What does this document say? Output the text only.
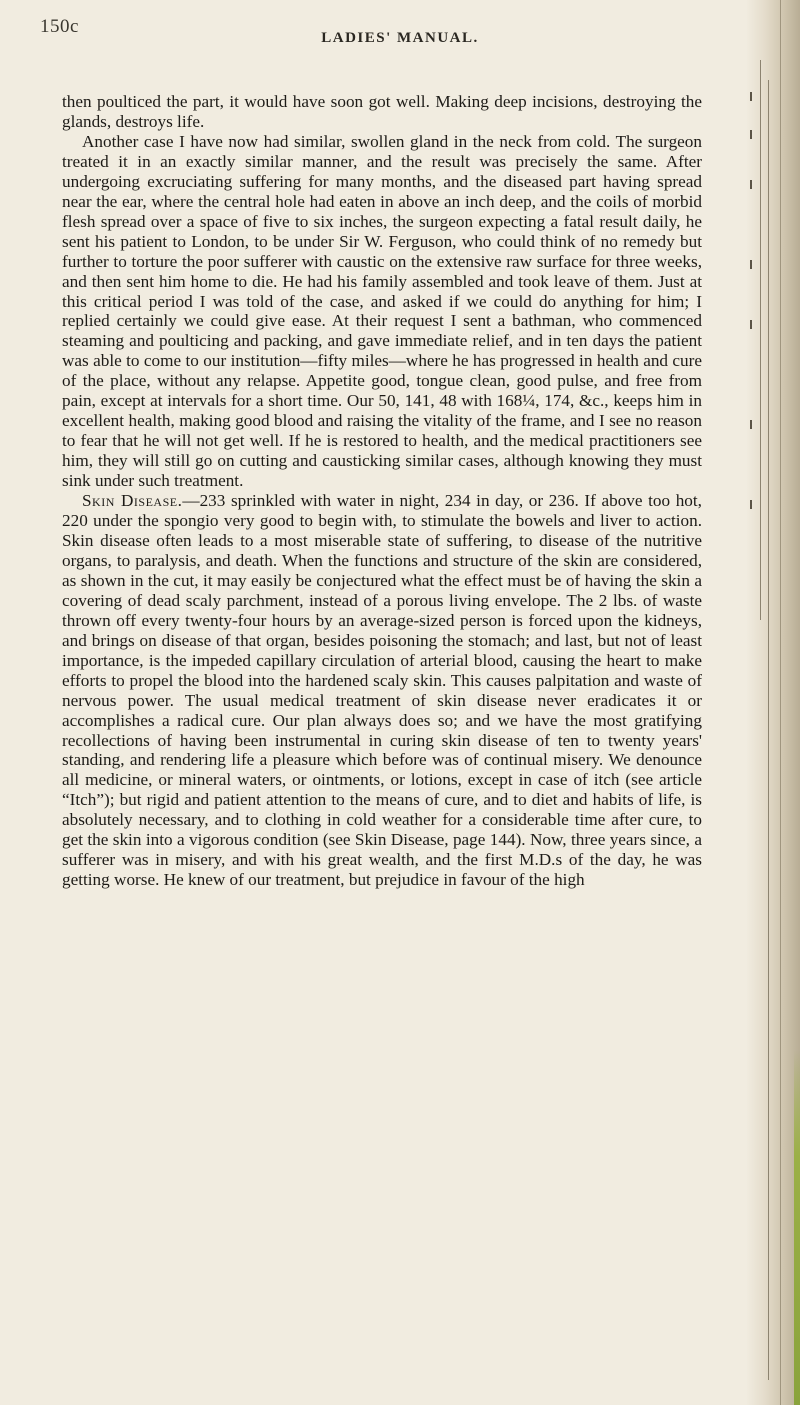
150c
LADIES' MANUAL.

then poulticed the part, it would have soon got well. Making deep incisions, destroying the glands, destroys life.

Another case I have now had similar, swollen gland in the neck from cold. The surgeon treated it in an exactly similar manner, and the result was precisely the same. After undergoing excruciating suffering for many months, and the diseased part having spread near the ear, where the central hole had eaten in above an inch deep, and the coils of morbid flesh spread over a space of five to six inches, the surgeon expecting a fatal result daily, he sent his patient to London, to be under Sir W. Ferguson, who could think of no remedy but further to torture the poor sufferer with caustic on the extensive raw surface for three weeks, and then sent him home to die. He had his family assembled and took leave of them. Just at this critical period I was told of the case, and asked if we could do anything for him; I replied certainly we could give ease. At their request I sent a bathman, who commenced steaming and poulticing and packing, and gave immediate relief, and in ten days the patient was able to come to our institution—fifty miles—where he has progressed in health and cure of the place, without any relapse. Appetite good, tongue clean, good pulse, and free from pain, except at intervals for a short time. Our 50, 141, 48 with 168¼, 174, &c., keeps him in excellent health, making good blood and raising the vitality of the frame, and I see no reason to fear that he will not get well. If he is restored to health, and the medical practitioners see him, they will still go on cutting and causticking similar cases, although knowing they must sink under such treatment.

Skin Disease.—233 sprinkled with water in night, 234 in day, or 236. If above too hot, 220 under the spongio very good to begin with, to stimulate the bowels and liver to action. Skin disease often leads to a most miserable state of suffering, to disease of the nutritive organs, to paralysis, and death. When the functions and structure of the skin are considered, as shown in the cut, it may easily be conjectured what the effect must be of having the skin a covering of dead scaly parchment, instead of a porous living envelope. The 2 lbs. of waste thrown off every twenty-four hours by an average-sized person is forced upon the kidneys, and brings on disease of that organ, besides poisoning the stomach; and last, but not of least importance, is the impeded capillary circulation of arterial blood, causing the heart to make efforts to propel the blood into the hardened scaly skin. This causes palpitation and waste of nervous power. The usual medical treatment of skin disease never eradicates it or accomplishes a radical cure. Our plan always does so; and we have the most gratifying recollections of having been instrumental in curing skin disease of ten to twenty years' standing, and rendering life a pleasure which before was of continual misery. We denounce all medicine, or mineral waters, or ointments, or lotions, except in case of itch (see article “Itch”); but rigid and patient attention to the means of cure, and to diet and habits of life, is absolutely necessary, and to clothing in cold weather for a considerable time after cure, to get the skin into a vigorous condition (see Skin Disease, page 144). Now, three years since, a sufferer was in misery, and with his great wealth, and the first M.D.s of the day, he was getting worse. He knew of our treatment, but prejudice in favour of the high
